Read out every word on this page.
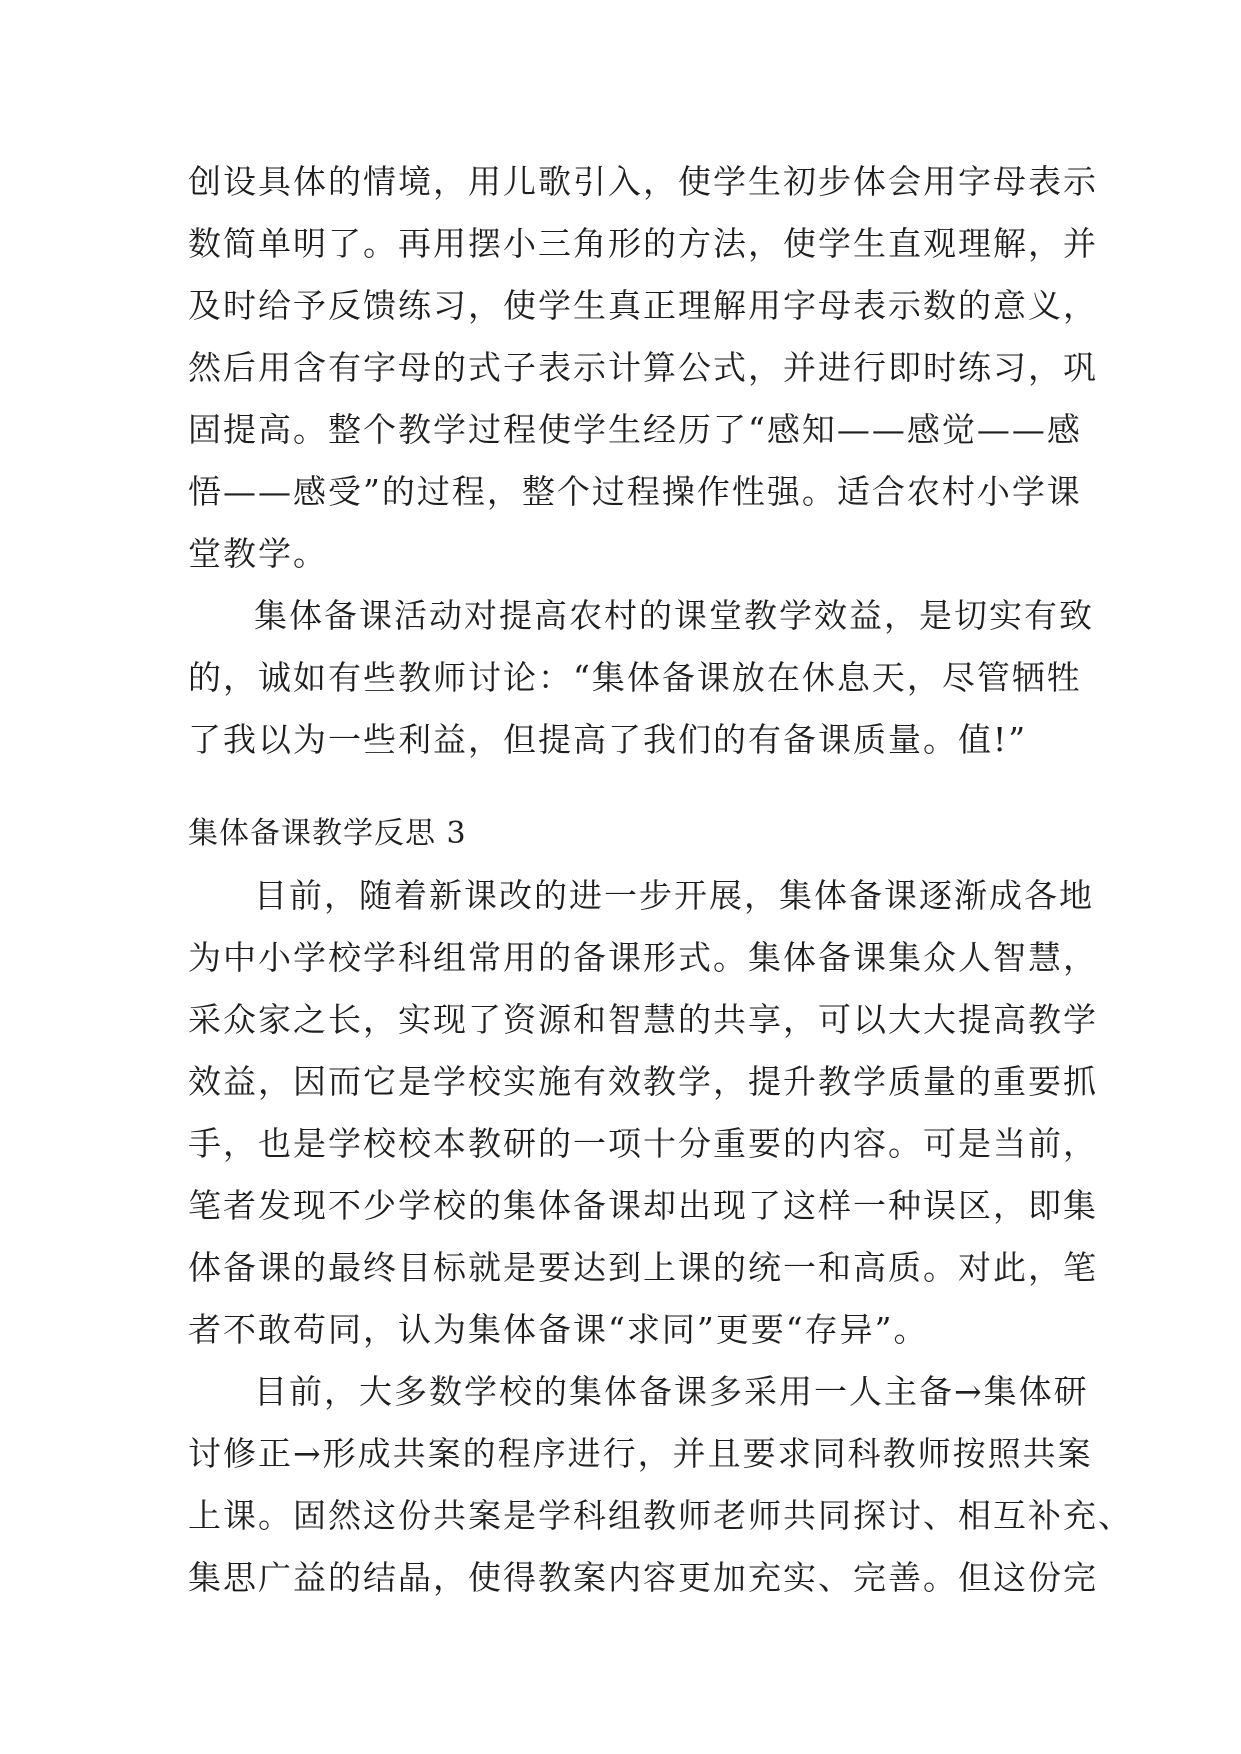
创设具体的情境，用儿歌引入，使学生初步体会用字母表示
数简单明了。再用摆小三角形的方法，使学生直观理解，并
及时给予反馈练习，使学生真正理解用字母表示数的意义，
然后用含有字母的式子表示计算公式，并进行即时练习，巩
固提高。整个教学过程使学生经历了“感知——感觉——感
悟——感受”的过程，整个过程操作性强。适合农村小学课
堂教学。
集体备课活动对提高农村的课堂教学效益，是切实有致
的，诚如有些教师讨论：“集体备课放在休息天，尽管牺牲
了我以为一些利益，但提高了我们的有备课质量。值!”
集体备课教学反思 3
目前，随着新课改的进一步开展，集体备课逐渐成各地
为中小学校学科组常用的备课形式。集体备课集众人智慧，
采众家之长，实现了资源和智慧的共享，可以大大提高教学
效益，因而它是学校实施有效教学，提升教学质量的重要抓
手，也是学校校本教研的一项十分重要的内容。可是当前，
笔者发现不少学校的集体备课却出现了这样一种误区，即集
体备课的最终目标就是要达到上课的统一和高质。对此，笔
者不敢苟同，认为集体备课“求同”更要“存异”。
目前，大多数学校的集体备课多采用一人主备→集体研
讨修正→形成共案的程序进行，并且要求同科教师按照共案
上课。固然这份共案是学科组教师老师共同探讨、相互补充、
集思广益的结晶，使得教案内容更加充实、完善。但这份完
